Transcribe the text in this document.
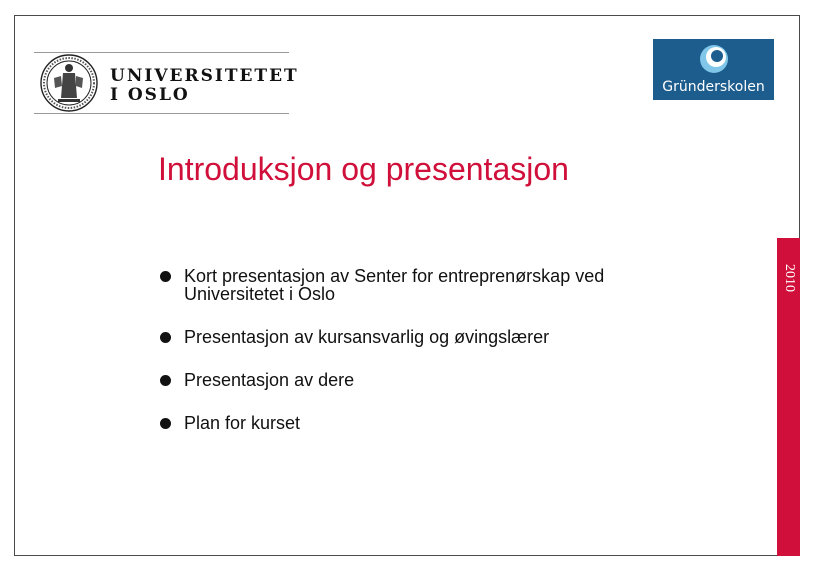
UNIVERSITETET
I OSLO	Gründerskolen
Introduksjon og presentasjon
2010
Kort presentasjon av Senter for entreprenørskap ved
Universitetet i Oslo
Presentasjon av kursansvarlig og øvingslærer
Presentasjon av dere
Plan for kurset
